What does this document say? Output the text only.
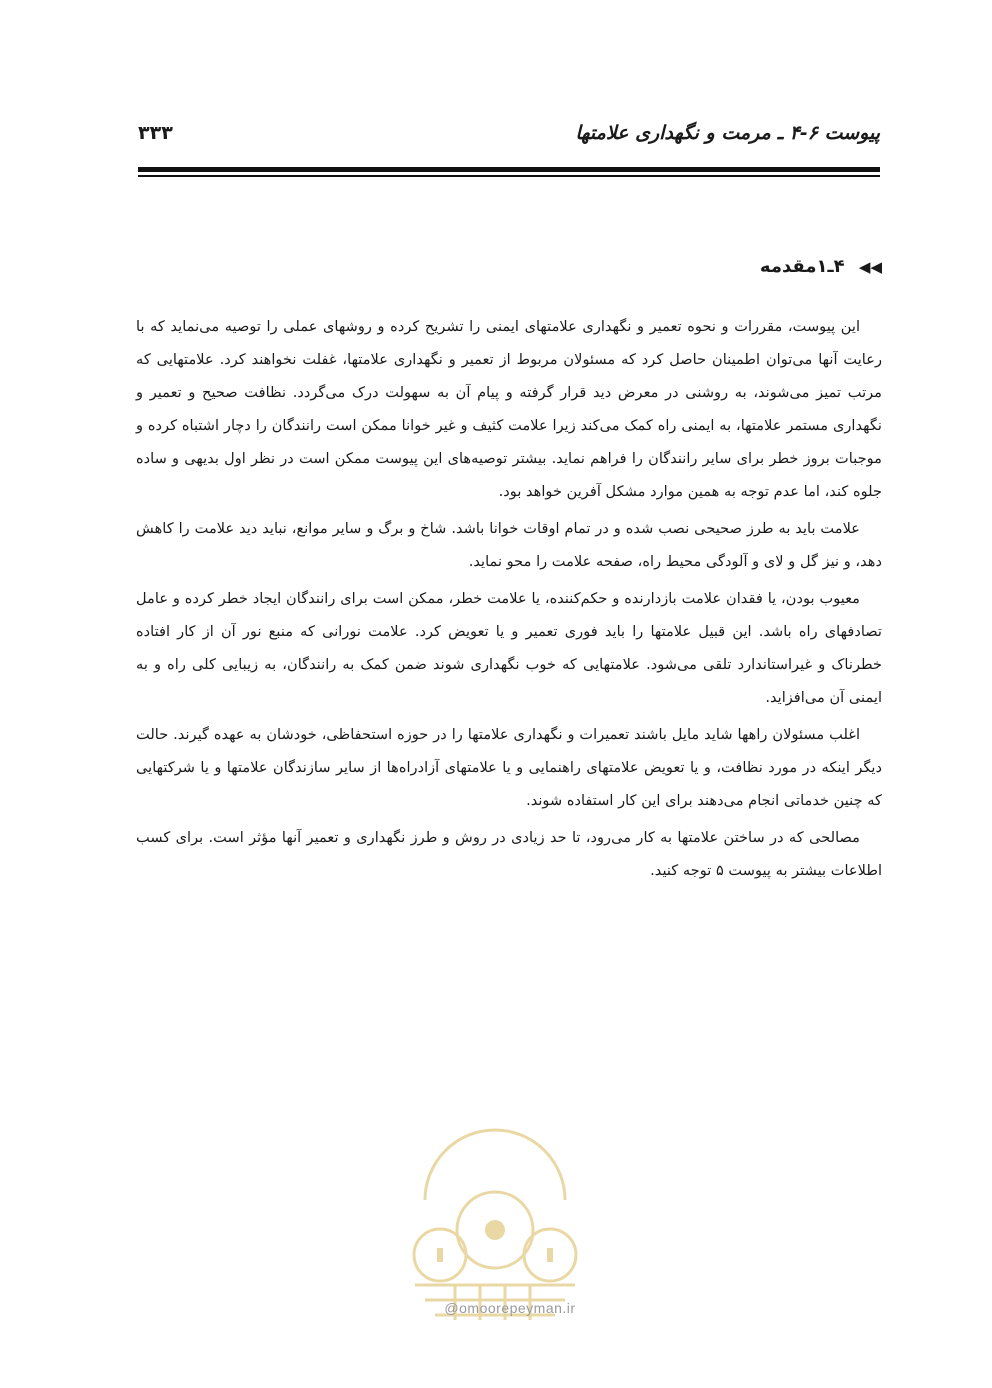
پیوست ۶-۴ ـ مرمت و نگهداری علامتها
۳۳۳
◀◀ ۴ـ۱مقدمه

این پیوست، مقررات و نحوه تعمیر و نگهداری علامتهای ایمنی را تشریح کرده و روشهای عملی را توصیه می‌نماید که با رعایت آنها می‌توان اطمینان حاصل کرد که مسئولان مربوط از تعمیر و نگهداری علامتها، غفلت نخواهند کرد. علامتهایی که مرتب تمیز می‌شوند، به روشنی در معرض دید قرار گرفته و پیام آن به سهولت درک می‌گردد. نظافت صحیح و تعمیر و نگهداری مستمر علامتها، به ایمنی راه کمک می‌کند زیرا علامت کثیف و غیر خوانا ممکن است رانندگان را دچار اشتباه کرده و موجبات بروز خطر برای سایر رانندگان را فراهم نماید. بیشتر توصیه‌های این پیوست ممکن است در نظر اول بدیهی و ساده جلوه کند، اما عدم توجه به همین موارد مشکل آفرین خواهد بود.

علامت باید به طرز صحیحی نصب شده و در تمام اوقات خوانا باشد. شاخ و برگ و سایر موانع، نباید دید علامت را کاهش دهد، و نیز گل و لای و آلودگی محیط راه، صفحه علامت را محو نماید.

معیوب بودن، یا فقدان علامت بازدارنده و حکم‌کننده، یا علامت خطر، ممکن است برای رانندگان ایجاد خطر کرده و عامل تصادفهای راه باشد. این قبیل علامتها را باید فوری تعمیر و یا تعویض کرد. علامت نورانی که منبع نور آن از کار افتاده خطرناک و غیراستاندارد تلقی می‌شود. علامتهایی که خوب نگهداری شوند ضمن کمک به رانندگان، به زیبایی کلی راه و به ایمنی آن می‌افزاید.

اغلب مسئولان راهها شاید مایل باشند تعمیرات و نگهداری علامتها را در حوزه استحفاظی، خودشان به عهده گیرند. حالت دیگر اینکه در مورد نظافت، و یا تعویض علامتهای راهنمایی و یا علامتهای آزادراه‌ها از سایر سازندگان علامتها و یا شرکتهایی که چنین خدماتی انجام می‌دهند برای این کار استفاده شوند.

مصالحی که در ساختن علامتها به کار می‌رود، تا حد زیادی در روش و طرز نگهداری و تعمیر آنها مؤثر است. برای کسب اطلاعات بیشتر به پیوست ۵ توجه کنید.

@omoorepeyman.ir
